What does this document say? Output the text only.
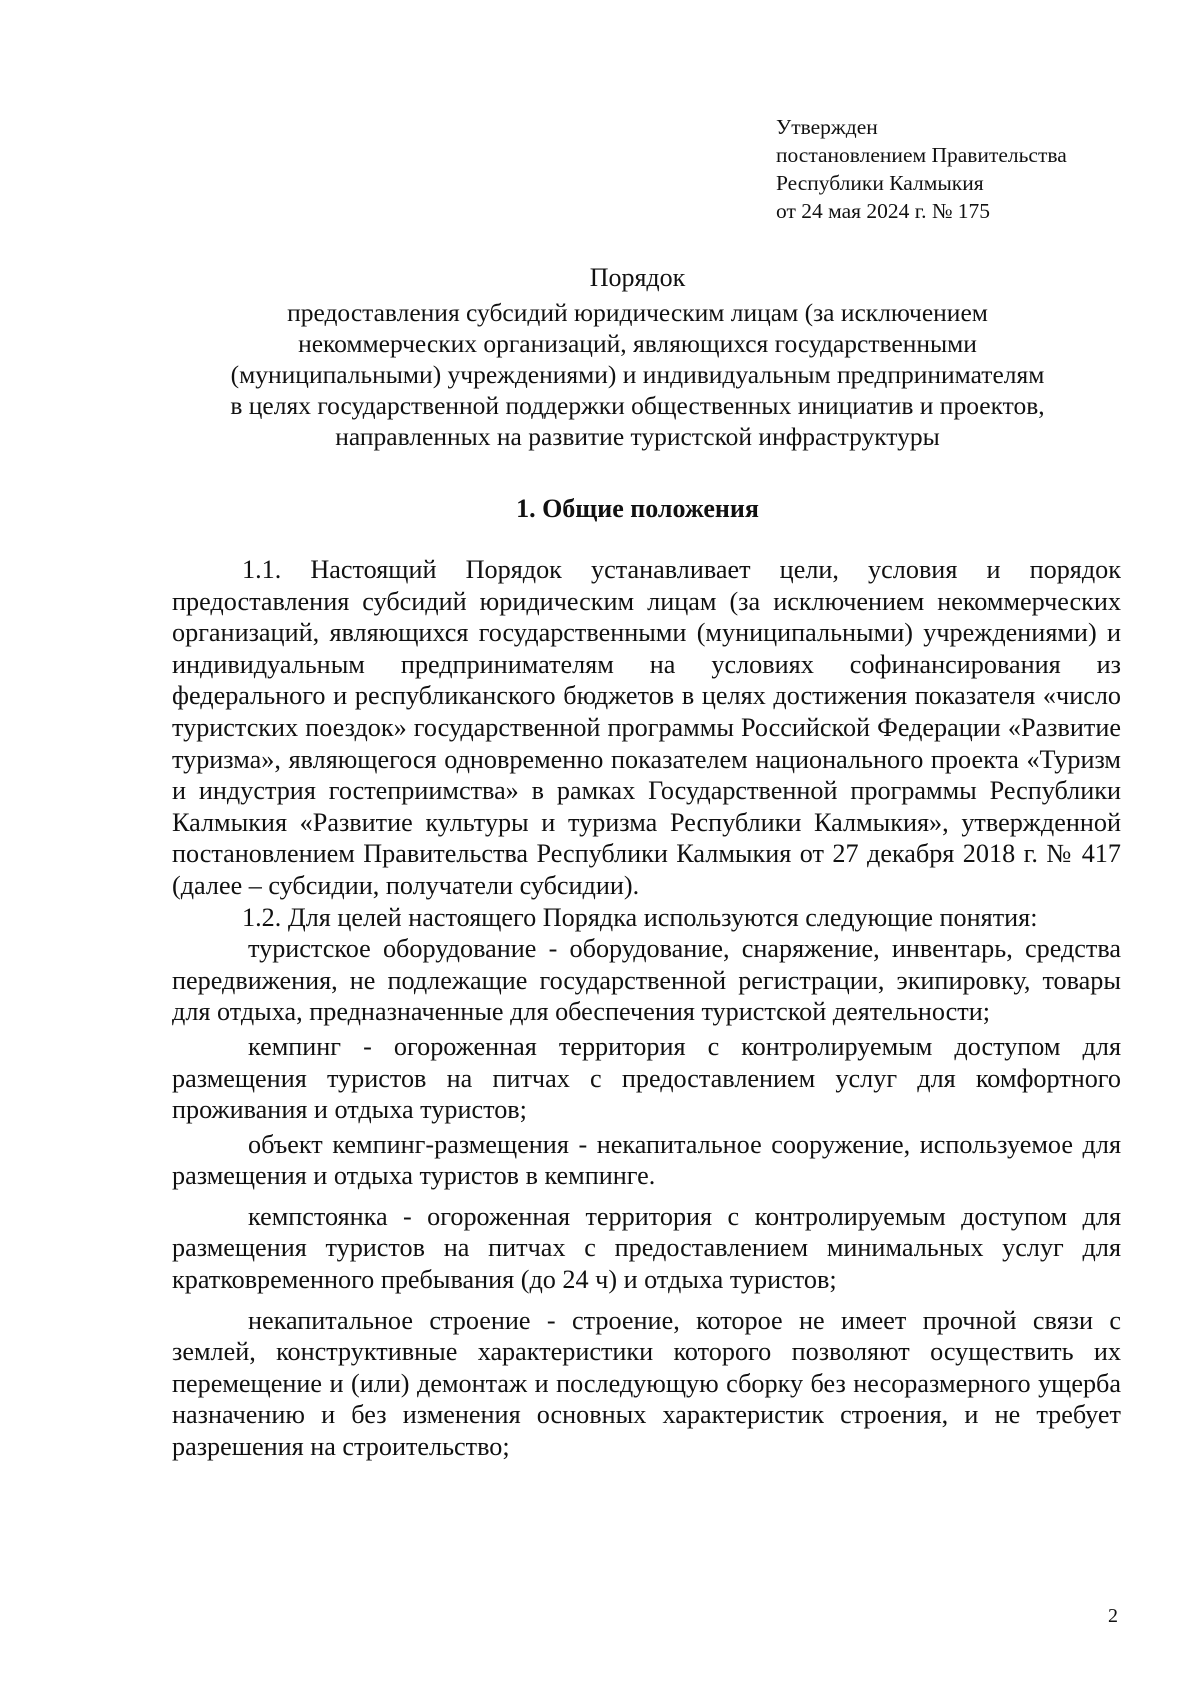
Утвержден
постановлением Правительства
Республики Калмыкия
от 24 мая 2024 г. № 175
Порядок
предоставления субсидий юридическим лицам (за исключением
некоммерческих организаций, являющихся государственными
(муниципальными) учреждениями) и индивидуальным предпринимателям
в целях государственной поддержки общественных инициатив и проектов,
направленных на развитие туристской инфраструктуры
1. Общие положения

1.1. Настоящий Порядок устанавливает цели, условия и порядок предоставления субсидий юридическим лицам (за исключением некоммерческих организаций, являющихся государственными (муниципальными) учреждениями) и индивидуальным предпринимателям на условиях софинансирования из федерального и республиканского бюджетов в целях достижения показателя «число туристских поездок» государственной программы Российской Федерации «Развитие туризма», являющегося одновременно показателем национального проекта «Туризм и индустрия гостеприимства» в рамках Государственной программы Республики Калмыкия «Развитие культуры и туризма Республики Калмыкия», утвержденной постановлением Правительства Республики Калмыкия от 27 декабря 2018 г. № 417 (далее – субсидии, получатели субсидии).

1.2. Для целей настоящего Порядка используются следующие понятия:

туристское оборудование - оборудование, снаряжение, инвентарь, средства передвижения, не подлежащие государственной регистрации, экипировку, товары для отдыха, предназначенные для обеспечения туристской деятельности;

кемпинг - огороженная территория с контролируемым доступом для размещения туристов на питчах с предоставлением услуг для комфортного проживания и отдыха туристов;

объект кемпинг-размещения - некапитальное сооружение, используемое для размещения и отдыха туристов в кемпинге.

кемпстоянка - огороженная территория с контролируемым доступом для размещения туристов на питчах с предоставлением минимальных услуг для кратковременного пребывания (до 24 ч) и отдыха туристов;

некапитальное строение - строение, которое не имеет прочной связи с землей, конструктивные характеристики которого позволяют осуществить их перемещение и (или) демонтаж и последующую сборку без несоразмерного ущерба назначению и без изменения основных характеристик строения, и не требует разрешения на строительство;

2
